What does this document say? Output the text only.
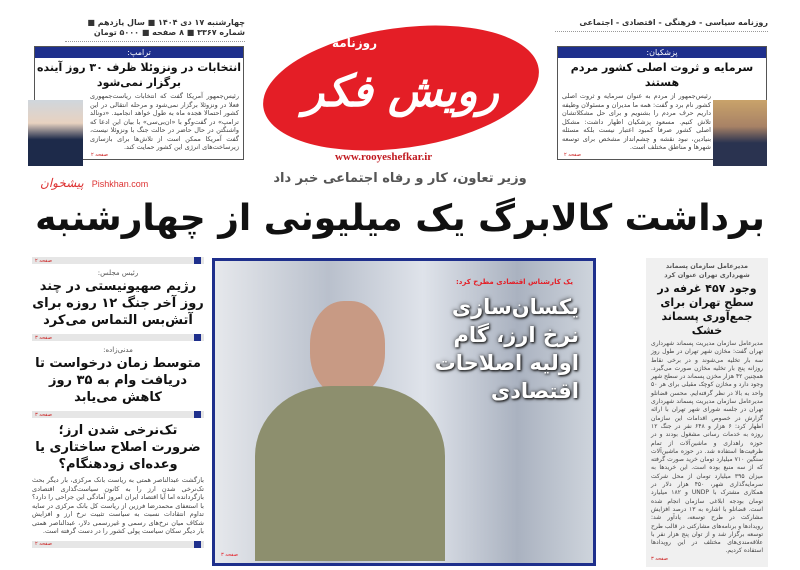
چهارشنبه ۱۷ دی ۱۴۰۴ ■ سال یازدهم ■ شماره ۳۳۶۷ ■ ۸ صفحه ■ ۵۰۰۰ تومان
روزنامه سیاسی - فرهنگی - اقتصادی - اجتماعی
روزنامه
رویش فکر
www.rooyeshefkar.ir
ترامپ:
انتخابات در ونزوئلا ظرف ۳۰ روز آینده برگزار نمی‌شود
رئیس‌جمهور آمریکا گفت که انتخابات ریاست‌جمهوری فعلا در ونزوئلا برگزار نمی‌شود و مرحله انتقالی در این کشور احتمالا هجده ماه به طول خواهد انجامید. «دونالد ترامپ» در گفت‌وگو با «ان‌بی‌سی» با بیان این ادعا که واشنگتن در حال حاضر در حالت جنگ با ونزوئلا نیست، گفت آمریکا ممکن است از تلاش‌ها برای بازسازی زیرساخت‌های انرژی این کشور حمایت کند.
صفحه ۲
پزشکیان:
سرمایه و ثروت اصلی کشور مردم هستند
رئیس‌جمهور از مردم به عنوان سرمایه و ثروت اصلی کشور نام برد و گفت: همه ما مدیران و مسئولان وظیفه داریم حرف مردم را بشنویم و برای حل مشکلاتشان تلاش کنیم. مسعود پزشکیان اظهار داشت: مشکل اصلی کشور صرفا کمبود اعتبار نیست بلکه مسئله بنیادین، نبود نقشه و چشم‌انداز مشخص برای توسعه شهرها و مناطق مختلف است.
صفحه ۲
وزیر تعاون، کار و رفاه اجتماعی خبر داد
پیشخوان Pishkhan.com
برداشت کالابرگ یک میلیونی از چهارشنبه
صفحه ۲
رئیس مجلس:
رژیم صهیونیستی در چند روز آخر جنگ ۱۲ روزه برای آتش‌بس التماس می‌کرد
صفحه ۳
مدنی‌زاده:
متوسط زمان درخواست تا دریافت وام به ۳۵ روز کاهش می‌یابد
صفحه ۳
تک‌نرخی شدن ارز؛ ضرورت اصلاح ساختاری یا وعده‌ای زودهنگام؟
بازگشت عبدالناصر همتی به ریاست بانک مرکزی، بار دیگر بحث تک‌نرخی شدن ارز را به کانون سیاست‌گذاری اقتصادی بازگردانده اما آیا اقتصاد ایران امروز آمادگی این جراحی را دارد؟ با استعفای محمدرضا فرزین از ریاست کل بانک مرکزی در سایه تداوم انتقادات نسبت به سیاست تثبیت نرخ ارز و افزایش شکاف میان نرخ‌های رسمی و غیررسمی دلار، عبدالناصر همتی بار دیگر سکان سیاست پولی کشور را در دست گرفته است.
صفحه ۲
یک کارشناس اقتصادی مطرح کرد:
یکسان‌سازی نرخ ارز، گام اولیه اصلاحات اقتصادی
صفحه ۳
مدیرعامل سازمان پسماند شهرداری تهران عنوان کرد
وجود ۴۵۷ غرفه در سطح تهران برای جمع‌آوری پسماند خشک
مدیرعامل سازمان مدیریت پسماند شهرداری تهران گفت: مخازن شهر تهران در طول روز سه بار تخلیه می‌شوند و در برخی نقاط روزانه پنج بار تخلیه مخازن صورت می‌گیرد. همچنین ۴۲ هزار مخزن پسماند در سطح شهر وجود دارد و مخازن کوچک مقیلی برای هر ۵۰ واحد به بالا در نظر گرفته‌ایم. محسن قضانلو مدیرعامل سازمان مدیریت پسماند شهرداری تهران در جلسه شورای شهر تهران با ارائه گزارش در خصوص اقدامات این سازمان اظهار کرد: ۶ هزار و ۶۴۸ نفر در جنگ ۱۲ روزه به خدمات رسانی مشغول بودند و در حوزه راهداری و ماشین‌آلات از تمام ظرفیت‌ها استفاده شد. در حوزه ماشین‌آلات سنگین ۷۱۰ میلیارد تومان خرید صورت گرفته که از سه منبع بوده است. این خریدها به میزان ۳۹۵ میلیارد تومان از محل شرکت سرمایه‌گذاری شهر، ۴۵۰ هزار دلار در همکاری مشترک با UNDP و ۱۸۲ میلیارد تومان بودجه ابلاغی سازمان انجام شده است. قضانلو با اشاره به ۱۳ درصد افزایش مشارکت در طرح توسعه، یادآور شد: رویدادها و برنامه‌های مشارکتی در قالب طرح توسعه برگزار شد و از توان پنج هزار نفر با علاقه‌مندی‌های مختلف در این رویدادها استفاده کردیم.
صفحه ۳
